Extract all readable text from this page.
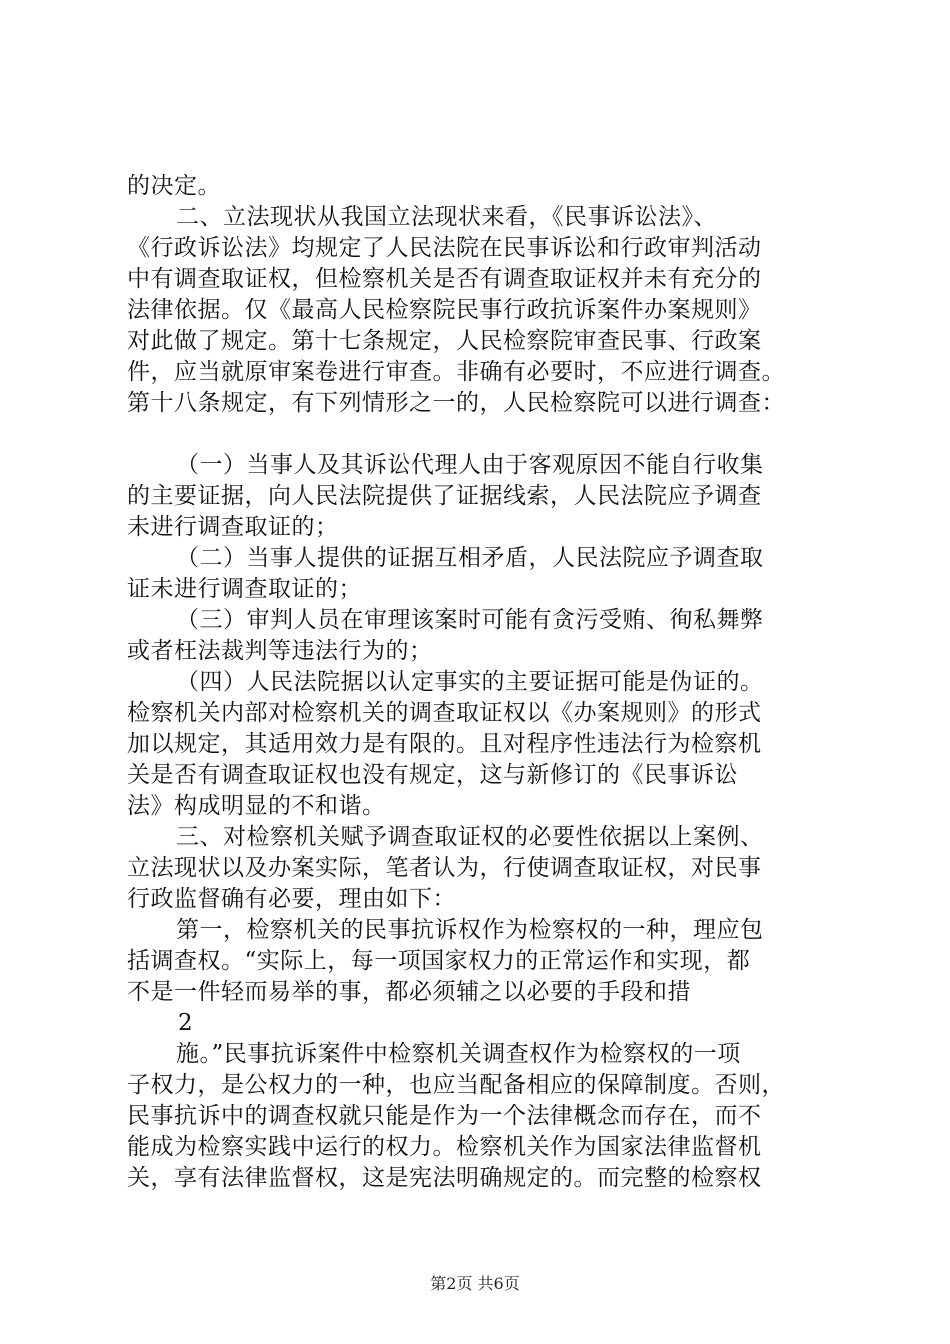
的决定。
二、立法现状从我国立法现状来看，《民事诉讼法》、
《行政诉讼法》均规定了人民法院在民事诉讼和行政审判活动
中有调查取证权，但检察机关是否有调查取证权并未有充分的
法律依据。仅《最高人民检察院民事行政抗诉案件办案规则》
对此做了规定。第十七条规定，人民检察院审查民事、行政案
件，应当就原审案卷进行审查。非确有必要时，不应进行调查。
第十八条规定，有下列情形之一的，人民检察院可以进行调查：
（一）当事人及其诉讼代理人由于客观原因不能自行收集
的主要证据，向人民法院提供了证据线索，人民法院应予调查
未进行调查取证的；
（二）当事人提供的证据互相矛盾，人民法院应予调查取
证未进行调查取证的；
（三）审判人员在审理该案时可能有贪污受贿、徇私舞弊
或者枉法裁判等违法行为的；
（四）人民法院据以认定事实的主要证据可能是伪证的。
检察机关内部对检察机关的调查取证权以《办案规则》的形式
加以规定，其适用效力是有限的。且对程序性违法行为检察机
关是否有调查取证权也没有规定，这与新修订的《民事诉讼
法》构成明显的不和谐。
三、对检察机关赋予调查取证权的必要性依据以上案例、
立法现状以及办案实际，笔者认为，行使调查取证权，对民事
行政监督确有必要，理由如下：
第一，检察机关的民事抗诉权作为检察权的一种，理应包
括调查权。“实际上，每一项国家权力的正常运作和实现，都
不是一件轻而易举的事，都必须辅之以必要的手段和措
2
施。”民事抗诉案件中检察机关调查权作为检察权的一项
子权力，是公权力的一种，也应当配备相应的保障制度。否则，
民事抗诉中的调查权就只能是作为一个法律概念而存在，而不
能成为检察实践中运行的权力。检察机关作为国家法律监督机
关，享有法律监督权，这是宪法明确规定的。而完整的检察权
第2页 共6页
